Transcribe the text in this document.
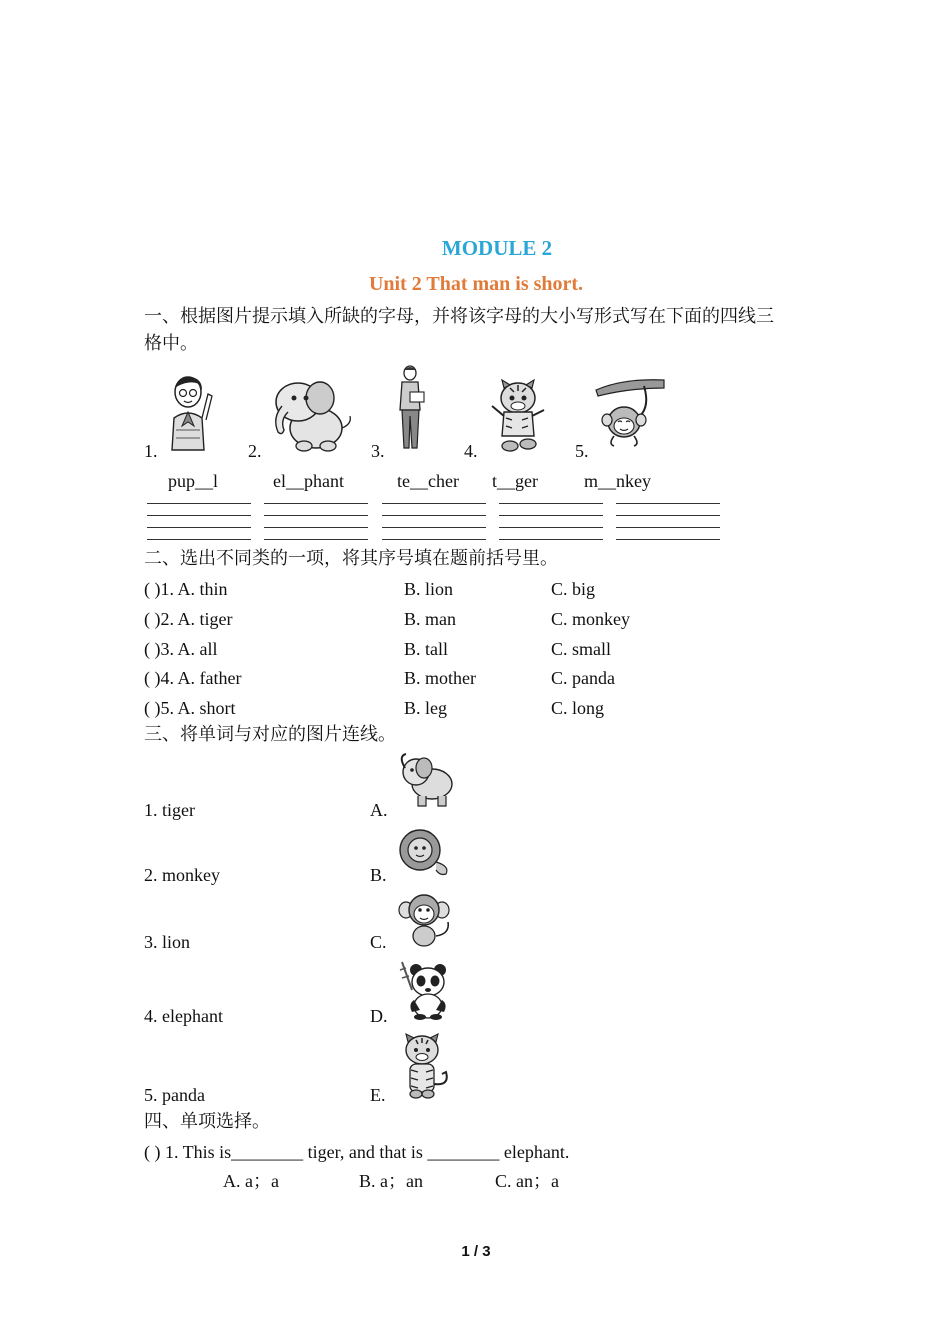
MODULE 2
Unit 2 That man is short.
一、根据图片提示填入所缺的字母，并将该字母的大小写形式写在下面的四线三
格中。
1.	2.	3.	4.	5.
pup__l	el__phant	te__cher t__ger	m__nkey
二、选出不同类的一项，将其序号填在题前括号里。
( )1. A. thin	B. lion	C. big
( )2. A. tiger	B. man	C. monkey
( )3. A. all	B. tall	C. small
( )4. A. father	B. mother	C. panda
( )5. A. short	B. leg	C. long
三、将单词与对应的图片连线。
1. tiger	A.
2. monkey	B.
3. lion	C.
4. elephant	D.
5. panda	E.
四、单项选择。
( ) 1. This is________ tiger, and that is ________ elephant.
A. a；a	B. a；an	C. an；a
1 / 3
